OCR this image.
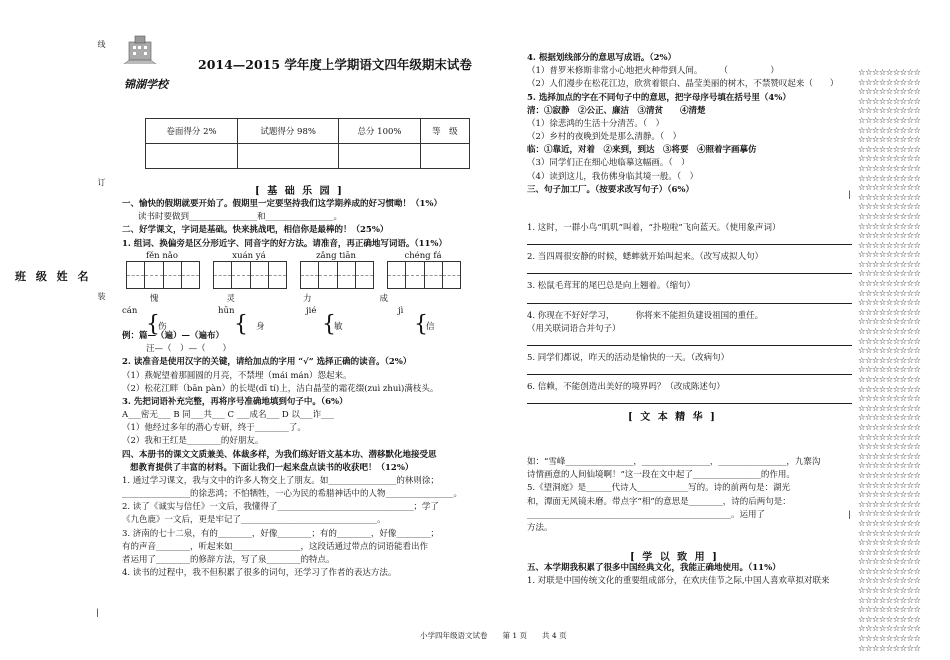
线
订
装
|
班 级 姓 名
锦湖学校
2014—2015 学年度上学期语文四年级期末试卷
卷面得分 2%	试题得分 98%	总分 100%	等　级

[ 基 础 乐 园 ]

一、愉快的假期就要开始了。假期里一定要坚持我们这学期养成的好习惯呦！（1%）

读书时要做到________________和________________。

二、好学课文，字词是基础。快来挑战吧，相信你是最棒的！（25%）

1. 组词、换偏旁是区分形近字、同音字的好方法。请准音，再正确地写词语。（11%）

fěn nǎo	xuán yá	zǎng tiān	chéng fá
愧	灵	力	成
cán
{
伤
hūn
{ 身
jié
{
敏
jì
{
信

例：篇—（遍）—（遍布）

汪—（　）—（　　）

2. 读准音是使用汉字的关键，请给加点的字用 “√” 选择正确的读音。（2%）

（1）燕妮望着那圆圆的月亮，不禁埋（mái mán）怨起来。

（2）松花江畔（bān pàn）的长堤(dī tí)上，洁白晶莹的霜花缀(zuì zhuì)满枝头。

3. 先把词语补充完整，再将序号准确地填到句子中。（6%）

A___密无___ B 同___共___ C ___成名___ D 以___诈___

（1）他经过多年的潜心专研，终于________了。

（2）我和王红是________的好朋友。

四、本册书的课文文质兼美、体裁多样，为我们练好语文基本功、潜移默化地接受思

想教育提供了丰富的材料。下面让我们一起来盘点读书的收获吧！（12%）

1. 通过学习课文，我与文中的许多人物交上了朋友。如________________的林则徐；

________________的徐悲鸿；不怕牺牲，一心为民的希腊神话中的人物________________。

2. 读了《诚实与信任》一文后，我懂得了________________________________；学了

《九色鹿》一文后，更是牢记了________________________________。

3. 济南的七十二泉，有的________，好像________；有的________，好像________；

有的声音________，听起来如________________，这段话通过带点的词语能看出作

者运用了________的修辞方法，写了泉________的特点。

4. 读书的过程中，我不但积累了很多的词句，还学习了作者的表达方法。

4. 根据划线部分的意思写成语。（2%）

（1）普罗米修斯非常小心地把火种带到人间。　　　（　　　　　）

（2）人们漫步在松花江边，欣赏着银白、晶莹美丽的树木，不禁赞叹起来（　　）

5. 选择加点的字在不同句子中的意思，把字母序号填在括号里（4%）

清：①寂静　②公正、廉洁　③清贫　　④清楚

（1）徐悲鸿的生活十分清苦。（　）

（2）乡村的夜晚到处是那么清静。（　）

临：①靠近，对着　②来到，到达　③将要　④照着字画摹仿

（3）同学们正在细心地临摹这幅画。（　）

（4）读到这儿，我仿佛身临其境一般。（　）

三、句子加工厂。（按要求改写句子）（6%）

1. 这时，一群小鸟“叽叽”叫着，“扑啦啦”飞向蓝天。（使用象声词）

2. 当四周很安静的时候，蟋蟀就开始叫起来。（改写成拟人句）

3. 松鼠毛茸茸的尾巴总是向上翘着。（缩句）

4. 你现在不好好学习，　　　你将来不能担负建设祖国的重任。

（用关联词语合并句子）

5. 同学们都说，昨天的活动是愉快的一天。（改病句）

6. 信赖，不能创造出美好的境界吗？（改成陈述句）

[ 文 本 精 华 ]

如：“雪峰________________，________________，________________，九寨沟

诗情画意的人间仙境啊！”这一段在文中起了________________的作用。

5.《望洞庭》是______代诗人____________写的。诗的前两句是：湖光

和，潭面无风镜未磨。带点字“相”的意思是________，诗的后两句是：

________________________________________________。运用了

方法。

[ 学 以 致 用 ]

五、本学期我积累了很多中国经典文化，我能正确地使用。（11%）

1. 对联是中国传统文化的重要组成部分，在欢庆佳节之际,中国人喜欢草拟对联来

|
|
☆☆☆☆☆☆☆☆☆
☆☆☆☆☆☆☆☆☆
☆☆☆☆☆☆☆☆☆
☆☆☆☆☆☆☆☆☆
☆☆☆☆☆☆☆☆☆
☆☆☆☆☆☆☆☆☆
☆☆☆☆☆☆☆☆☆
☆☆☆☆☆☆☆☆☆
☆☆☆☆☆☆☆☆☆
☆☆☆☆☆☆☆☆☆
☆☆☆☆☆☆☆☆☆
☆☆☆☆☆☆☆☆☆
☆☆☆☆☆☆☆☆☆
☆☆☆☆☆☆☆☆☆
☆☆☆☆☆☆☆☆☆
☆☆☆☆☆☆☆☆☆
☆☆☆☆☆☆☆☆☆
☆☆☆☆☆☆☆☆☆
☆☆☆☆☆☆☆☆☆
☆☆☆☆☆☆☆☆☆
☆☆☆☆☆☆☆☆☆
☆☆☆☆☆☆☆☆☆
☆☆☆☆☆☆☆☆☆
☆☆☆☆☆☆☆☆☆
☆☆☆☆☆☆☆☆☆
☆☆☆☆☆☆☆☆☆
☆☆☆☆☆☆☆☆☆
☆☆☆☆☆☆☆☆☆
☆☆☆☆☆☆☆☆☆
☆☆☆☆☆☆☆☆☆
☆☆☆☆☆☆☆☆☆
☆☆☆☆☆☆☆☆☆
☆☆☆☆☆☆☆☆☆
☆☆☆☆☆☆☆☆☆
☆☆☆☆☆☆☆☆☆
☆☆☆☆☆☆☆☆☆
☆☆☆☆☆☆☆☆☆
☆☆☆☆☆☆☆☆☆
☆☆☆☆☆☆☆☆☆
☆☆☆☆☆☆☆☆☆
☆☆☆☆☆☆☆☆☆
☆☆☆☆☆☆☆☆☆
☆☆☆☆☆☆☆☆☆
☆☆☆☆☆☆☆☆☆
☆☆☆☆☆☆☆☆☆
☆☆☆☆☆☆☆☆☆
☆☆☆☆☆☆☆☆☆
☆☆☆☆☆☆☆☆☆
☆☆☆☆☆☆☆☆☆
☆☆☆☆☆☆☆☆☆
☆☆☆☆☆☆☆☆☆
☆☆☆☆☆☆☆☆☆
☆☆☆☆☆☆☆☆☆
☆☆☆☆☆☆☆☆☆
☆☆☆☆☆☆☆☆☆
☆☆☆☆☆☆☆☆☆
☆☆☆☆☆☆☆☆☆
☆☆☆☆☆☆☆☆☆
☆☆☆☆☆☆☆☆☆
☆☆☆☆☆☆☆☆☆
☆☆☆☆☆☆☆☆☆
小学四年级语文试卷　　第 1 页　　共 4 页
